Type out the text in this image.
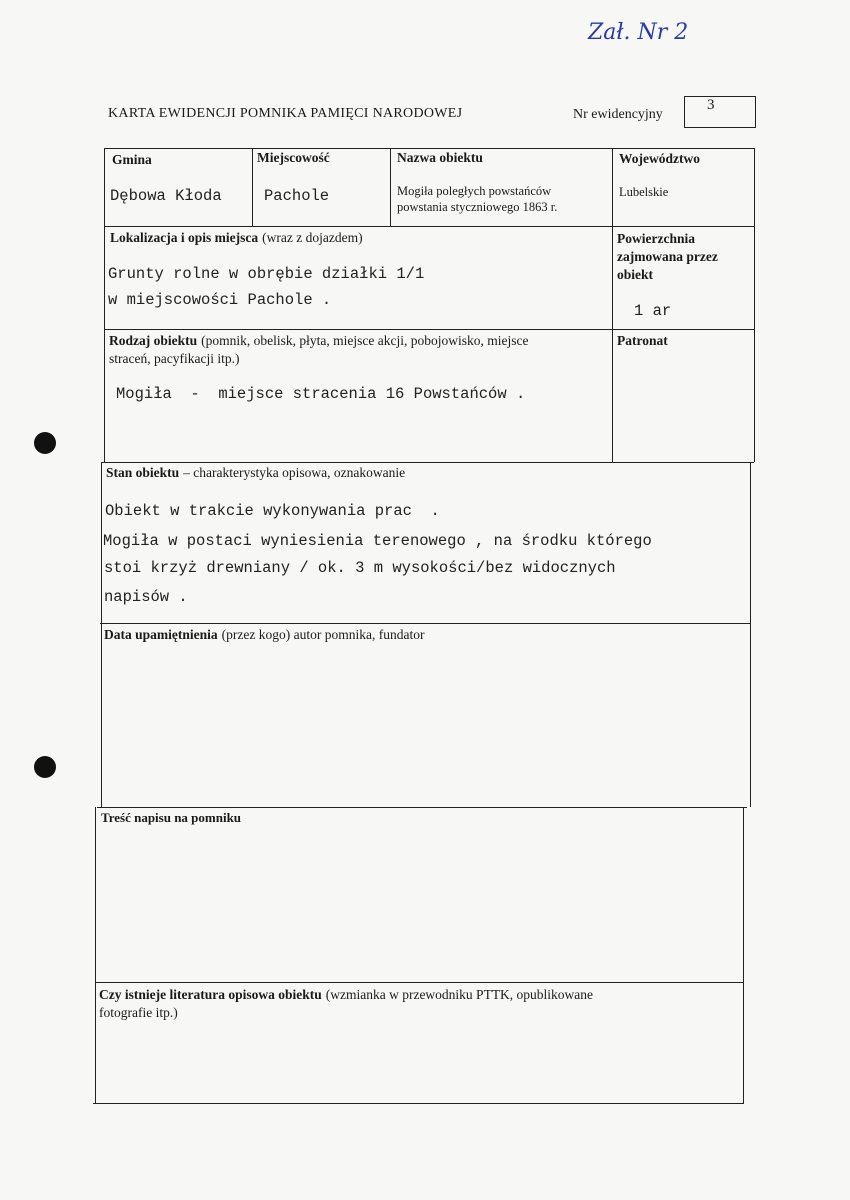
Zał. Nr 2
KARTA EWIDENCJI POMNIKA PAMIĘCI NARODOWEJ	Nr ewidencyjny
3
Gmina
Dębowa Kłoda
Miejscowość
Pachole
Nazwa obiektu
Mogiła poległych powstańców
powstania styczniowego 1863 r.
Województwo
Lubelskie
Lokalizacja i opis miejsca (wraz z dojazdem)
Grunty rolne w obrębie działki 1/1
w miejscowości Pachole .
Powierzchnia
zajmowana przez
obiekt
1 ar
Rodzaj obiektu (pomnik, obelisk, płyta, miejsce akcji, pobojowisko, miejsce
straceń, pacyfikacji itp.)
Mogiła  -  miejsce stracenia 16 Powstańców .
Patronat
Stan obiektu – charakterystyka opisowa, oznakowanie
Obiekt w trakcie wykonywania prac  .
Mogiła w postaci wyniesienia terenowego , na środku którego
stoi krzyż drewniany / ok. 3 m wysokości/bez widocznych
napisów .
Data upamiętnienia (przez kogo) autor pomnika, fundator
Treść napisu na pomniku
Czy istnieje literatura opisowa obiektu (wzmianka w przewodniku PTTK, opublikowane
fotografie itp.)
